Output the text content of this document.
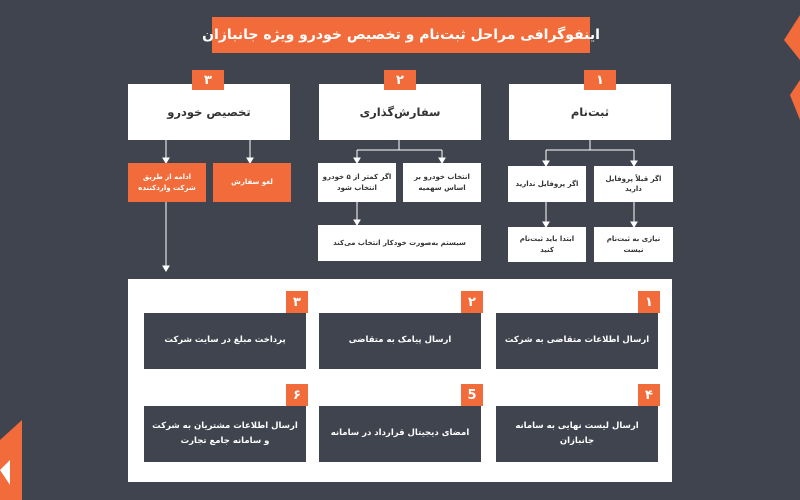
اینفوگرافی مراحل ثبت‌نام و تخصیص خودرو ویژه جانبازان
۱
ثبت‌نام
۲
سفارش‌گذاری
۳
تخصیص خودرو
اگر قبلاً پروفایل دارید
اگر پروفایل ندارید
نیازی به ثبت‌نام نیست
ابتدا باید ثبت‌نام کنید
انتخاب خودرو بر اساس سهمیه
اگر کمتر از ۵ خودرو انتخاب شود
سیستم به‌صورت خودکار انتخاب می‌کند
لغو سفارش
ادامه از طریق شرکت واردکننده
ارسال اطلاعات متقاضی به شرکت
۱
ارسال پیامک به متقاضی
۲
پرداخت مبلغ در سایت شرکت
۳
ارسال لیست نهایی به سامانه جانبازان
۴
امضای دیجیتال قرارداد در سامانه
5
ارسال اطلاعات مشتریان به شرکت و سامانه جامع تجارت
۶
